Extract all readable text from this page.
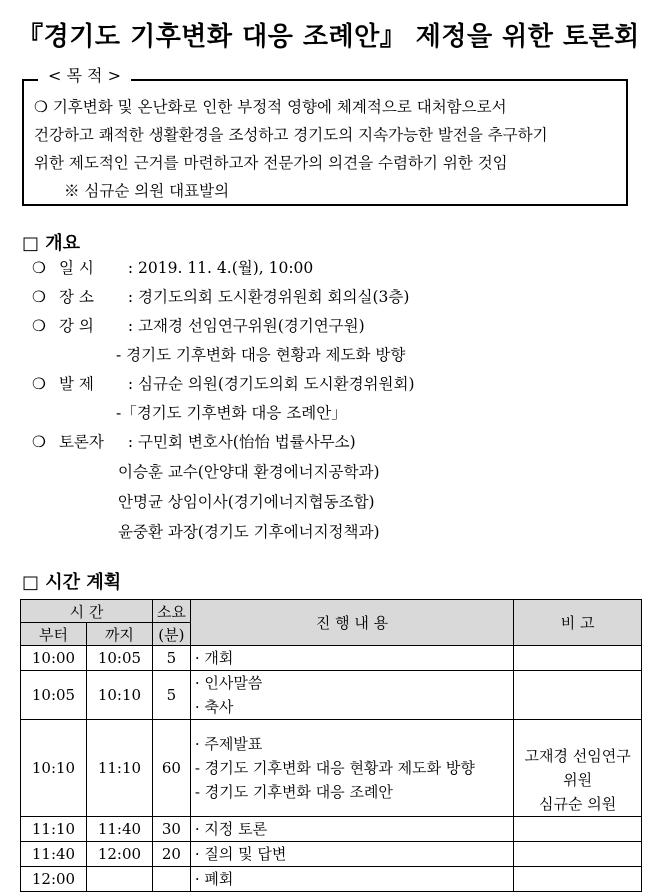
『경기도 기후변화 대응 조례안』 제정을 위한 토론회
< 목 적 >
❍ 기후변화 및 온난화로 인한 부정적 영향에 체계적으로 대처함으로서
건강하고 쾌적한 생활환경을 조성하고 경기도의 지속가능한 발전을 추구하기
위한 제도적인 근거를 마련하고자 전문가의 의견을 수렴하기 위한 것임
※ 심규순 의원 대표발의
□ 개요
❍ 일 시 : 2019. 11. 4.(월), 10:00
❍ 장 소 : 경기도의회 도시환경위원회 회의실(3층)
❍ 강 의 : 고재경 선임연구위원(경기연구원)
- 경기도 기후변화 대응 현황과 제도화 방향
❍ 발 제 : 심규순 의원(경기도의회 도시환경위원회)
-「경기도 기후변화 대응 조례안」
❍ 토론자 : 구민회 변호사(怡怡 법률사무소)
이승훈 교수(안양대 환경에너지공학과)
안명균 상임이사(경기에너지협동조합)
윤중환 과장(경기도 기후에너지정책과)
□ 시간 계획
시 간		소요	진 행 내 용	비 고
부터	까지	(분)		
10:00	10:05	5	· 개회	

10:05	10:10	5	· 인사말씀
· 축사	

10:10	11:10	60	· 주제발표
- 경기도 기후변화 대응 현황과 제도화 방향
- 경기도 기후변화 대응 조례안	고재경 선임연구위원
심규순 의원

11:10	11:40	30	· 지정 토론	

11:40	12:00	20	· 질의 및 답변	

12:00			· 폐회	
